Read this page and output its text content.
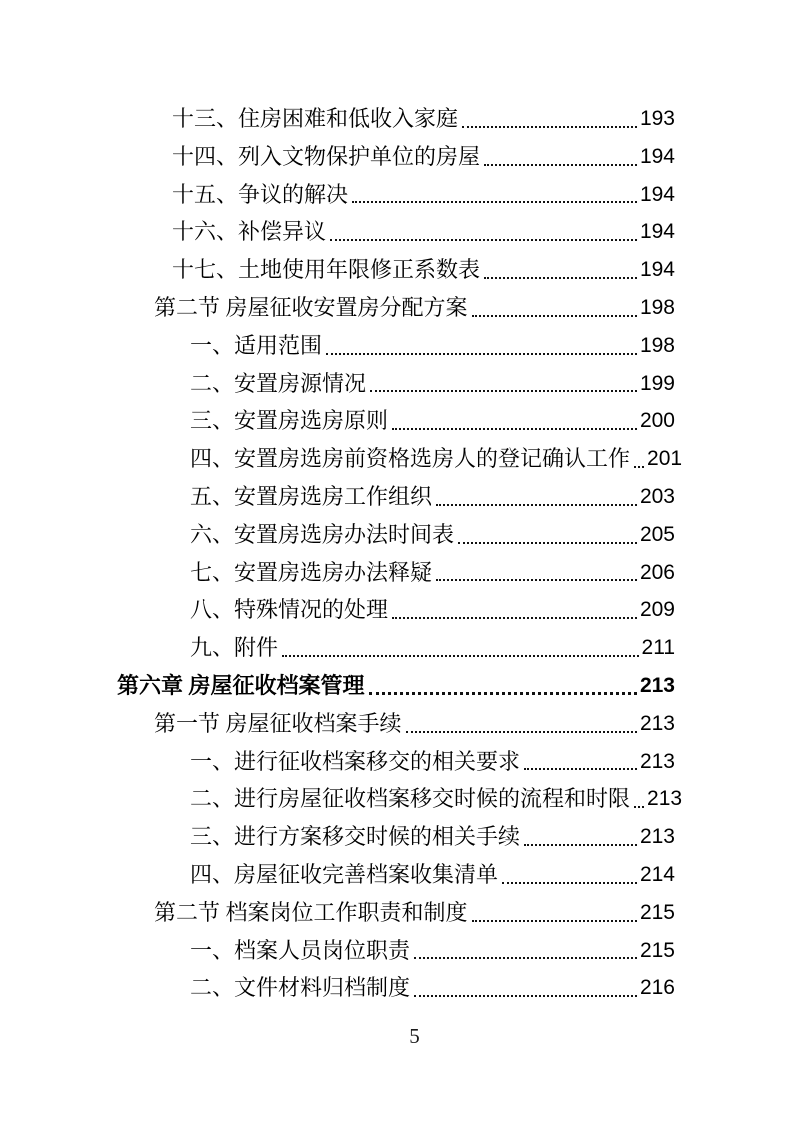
十三、住房困难和低收入家庭	193
十四、列入文物保护单位的房屋	194
十五、争议的解决	194
十六、补偿异议	194
十七、土地使用年限修正系数表	194
第二节 房屋征收安置房分配方案	198
一、适用范围	198
二、安置房源情况	199
三、安置房选房原则	200
四、安置房选房前资格选房人的登记确认工作 201
五、安置房选房工作组织	203
六、安置房选房办法时间表	205
七、安置房选房办法释疑	206
八、特殊情况的处理	209
九、附件	211
第六章 房屋征收档案管理	213
第一节 房屋征收档案手续	213
一、进行征收档案移交的相关要求	213
二、进行房屋征收档案移交时候的流程和时限 213
三、进行方案移交时候的相关手续	213
四、房屋征收完善档案收集清单	214
第二节 档案岗位工作职责和制度	215
一、档案人员岗位职责	215
二、文件材料归档制度	216
5
